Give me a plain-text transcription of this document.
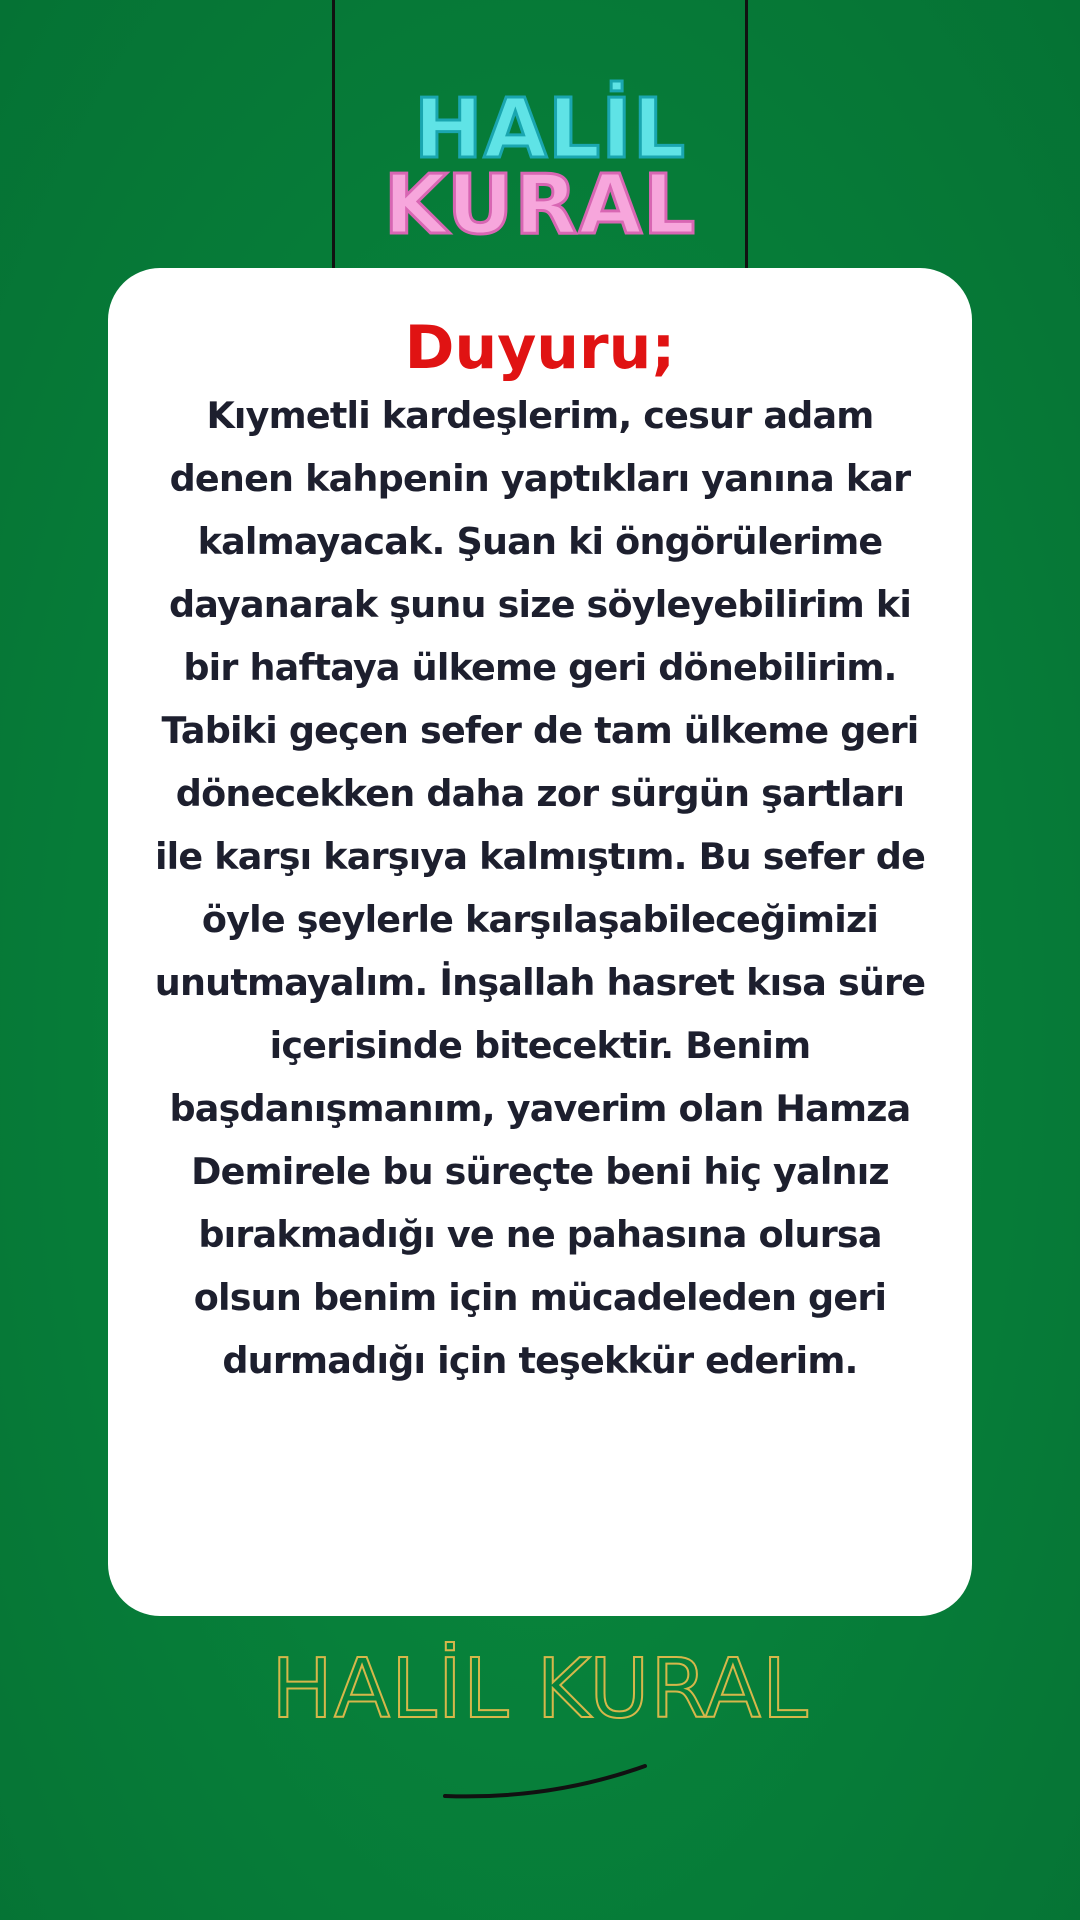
HALİL
KURAL
Duyuru;

Kıymetli kardeşlerim, cesur adam denen kahpenin yaptıkları yanına kar kalmayacak. Şuan ki öngörülerime dayanarak şunu size söyleyebilirim ki bir haftaya ülkeme geri dönebilirim. Tabiki geçen sefer de tam ülkeme geri dönecekken daha zor sürgün şartları ile karşı karşıya kalmıştım. Bu sefer de öyle şeylerle karşılaşabileceğimizi unutmayalım. İnşallah hasret kısa süre içerisinde bitecektir. Benim başdanışmanım, yaverim olan Hamza Demirele bu süreçte beni hiç yalnız bırakmadığı ve ne pahasına olursa olsun benim için mücadeleden geri durmadığı için teşekkür ederim.

HALİL KURAL
